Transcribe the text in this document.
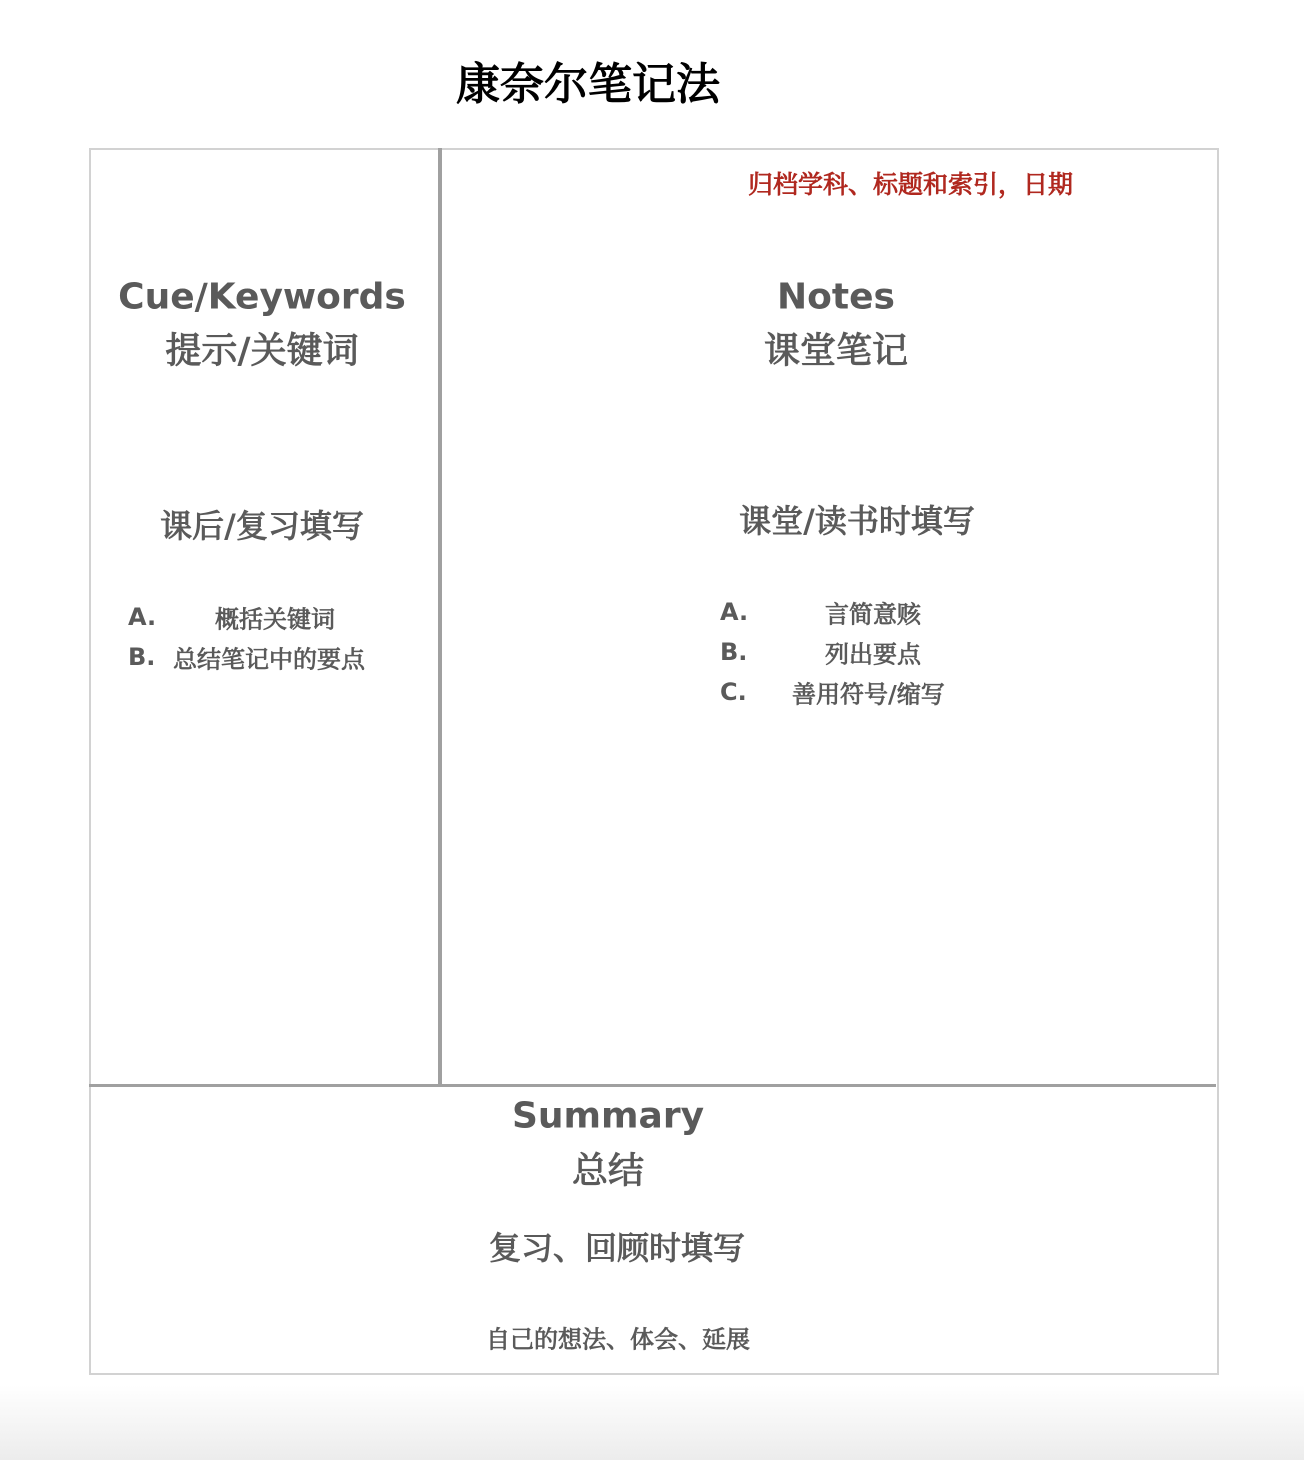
康奈尔笔记法
归档学科、标题和索引，日期
Cue/Keywords
提示/关键词
课后/复习填写
A. 概括关键词
B. 总结笔记中的要点
Notes
课堂笔记
课堂/读书时填写
A.	言简意赅
B.	列出要点
C. 善用符号/缩写
Summary
总结
复习、回顾时填写
自己的想法、体会、延展
